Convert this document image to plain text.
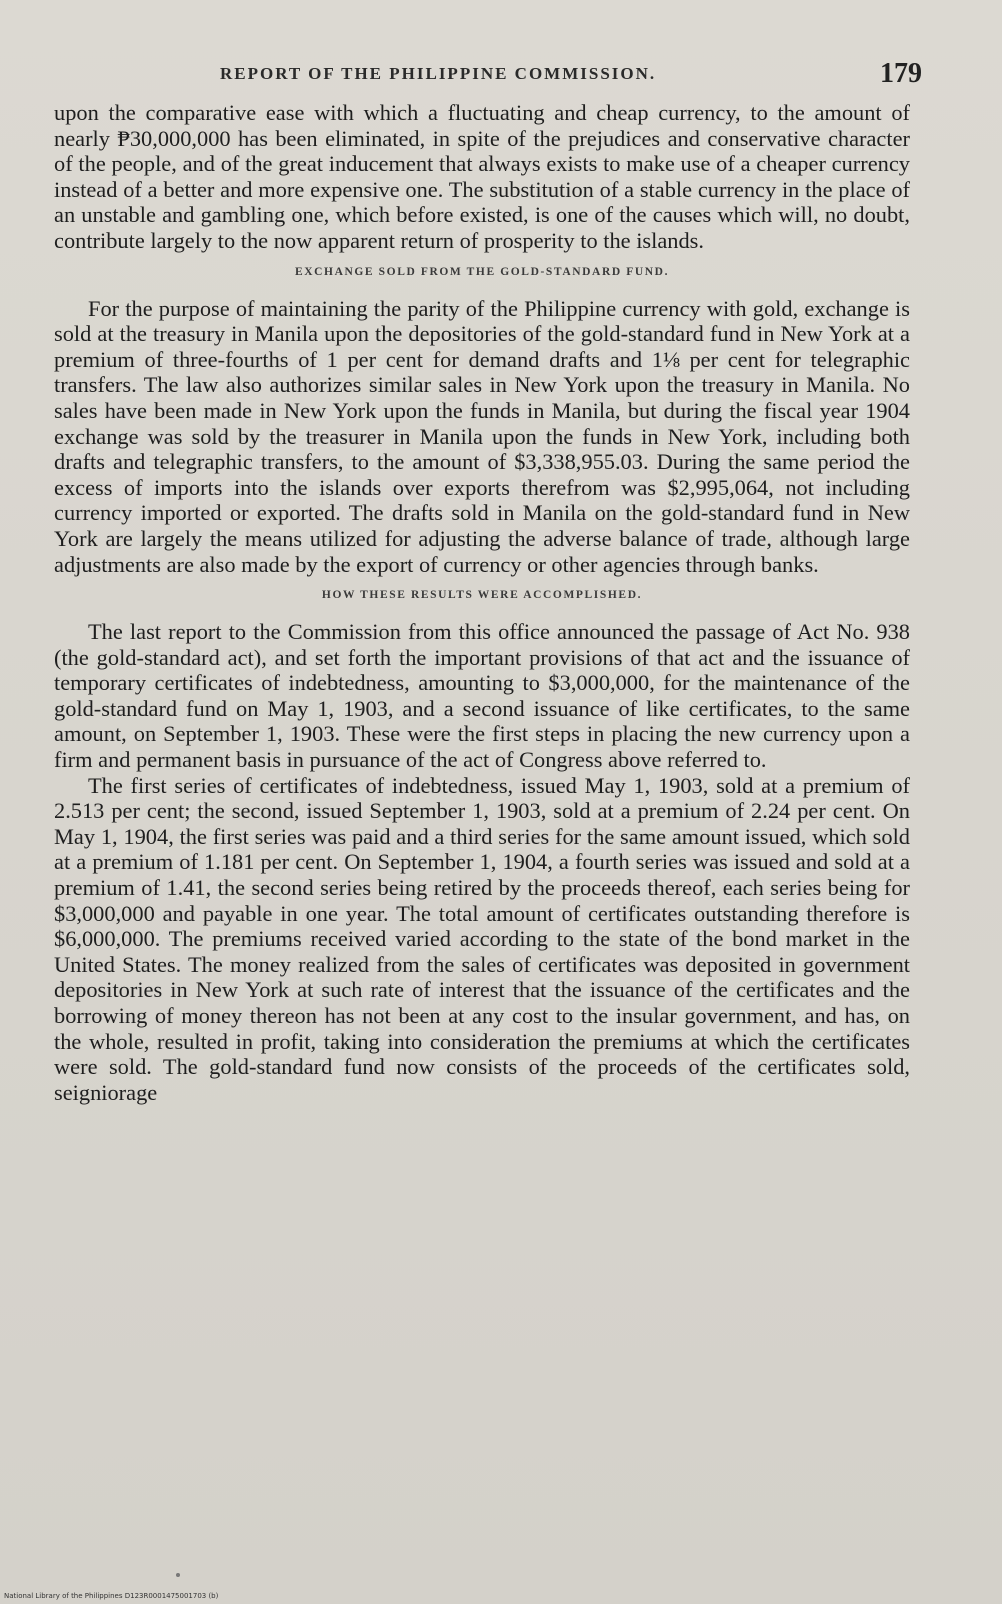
REPORT OF THE PHILIPPINE COMMISSION.	179

upon the comparative ease with which a fluctuating and cheap currency, to the amount of nearly ₱30,000,000 has been eliminated, in spite of the prejudices and conservative character of the people, and of the great inducement that always exists to make use of a cheaper currency instead of a better and more expensive one. The substitution of a stable currency in the place of an unstable and gambling one, which before existed, is one of the causes which will, no doubt, contribute largely to the now apparent return of prosperity to the islands.

EXCHANGE SOLD FROM THE GOLD-STANDARD FUND.

For the purpose of maintaining the parity of the Philippine currency with gold, exchange is sold at the treasury in Manila upon the depositories of the gold-standard fund in New York at a premium of three-fourths of 1 per cent for demand drafts and 1⅛ per cent for telegraphic transfers. The law also authorizes similar sales in New York upon the treasury in Manila. No sales have been made in New York upon the funds in Manila, but during the fiscal year 1904 exchange was sold by the treasurer in Manila upon the funds in New York, including both drafts and telegraphic transfers, to the amount of $3,338,955.03. During the same period the excess of imports into the islands over exports therefrom was $2,995,064, not including currency imported or exported. The drafts sold in Manila on the gold-standard fund in New York are largely the means utilized for adjusting the adverse balance of trade, although large adjustments are also made by the export of currency or other agencies through banks.

HOW THESE RESULTS WERE ACCOMPLISHED.

The last report to the Commission from this office announced the passage of Act No. 938 (the gold-standard act), and set forth the important provisions of that act and the issuance of temporary certificates of indebtedness, amounting to $3,000,000, for the maintenance of the gold-standard fund on May 1, 1903, and a second issuance of like certificates, to the same amount, on September 1, 1903. These were the first steps in placing the new currency upon a firm and permanent basis in pursuance of the act of Congress above referred to.

The first series of certificates of indebtedness, issued May 1, 1903, sold at a premium of 2.513 per cent; the second, issued September 1, 1903, sold at a premium of 2.24 per cent. On May 1, 1904, the first series was paid and a third series for the same amount issued, which sold at a premium of 1.181 per cent. On September 1, 1904, a fourth series was issued and sold at a premium of 1.41, the second series being retired by the proceeds thereof, each series being for $3,000,000 and payable in one year. The total amount of certificates outstanding therefore is $6,000,000. The premiums received varied according to the state of the bond market in the United States. The money realized from the sales of certificates was deposited in government depositories in New York at such rate of interest that the issuance of the certificates and the borrowing of money thereon has not been at any cost to the insular government, and has, on the whole, resulted in profit, taking into consideration the premiums at which the certificates were sold. The gold-standard fund now consists of the proceeds of the certificates sold, seigniorage

National Library of the Philippines D123R0001475001703 (b)
